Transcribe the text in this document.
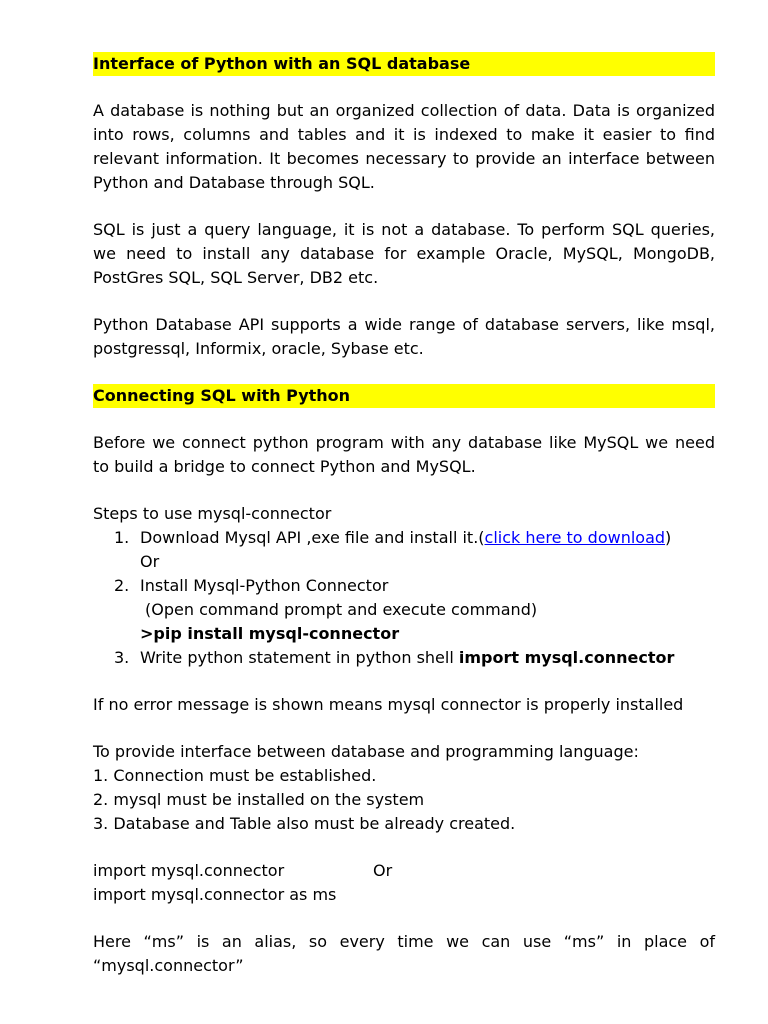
Interface of Python with an SQL database

A database is nothing but an organized collection of data. Data is organized into rows, columns and tables and it is indexed to make it easier to find relevant information. It becomes necessary to provide an interface between Python and Database through SQL.

SQL is just a query language, it is not a database. To perform SQL queries, we need to install any database for example Oracle, MySQL, MongoDB, PostGres SQL, SQL Server, DB2 etc.

Python Database API supports a wide range of database servers, like msql, postgressql, Informix, oracle, Sybase etc.

Connecting SQL with Python

Before we connect python program with any database like MySQL we need to build a bridge to connect Python and MySQL.

Steps to use mysql-connector

1. Download Mysql API ,exe file and install it.(click here to download)
Or
2. Install Mysql-Python Connector
(Open command prompt and execute command)
>pip install mysql-connector
3. Write python statement in python shell import mysql.connector

If no error message is shown means mysql connector is properly installed

To provide interface between database and programming language:

1. Connection must be established.

2. mysql must be installed on the system

3. Database and Table also must be already created.

import mysql.connector	Or

import mysql.connector as ms

Here “ms” is an alias, so every time we can use “ms” in place of “mysql.connector”
